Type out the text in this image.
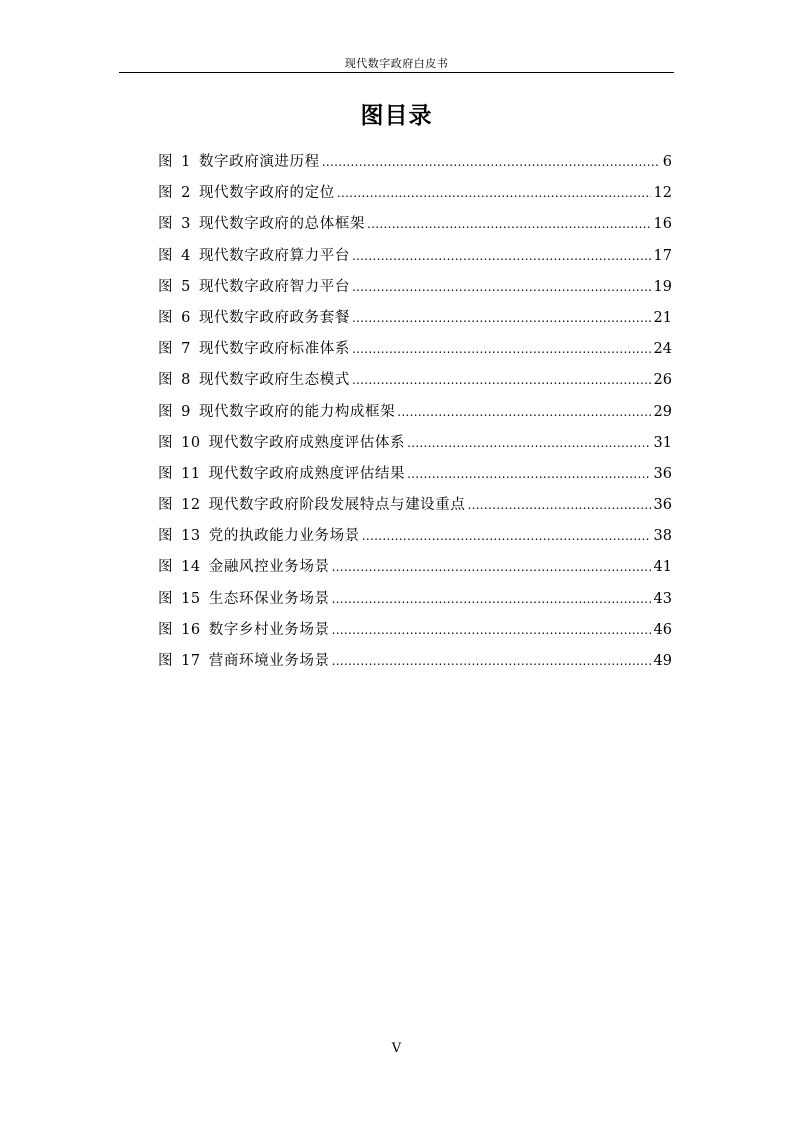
现代数字政府白皮书
图目录
图 1 数字政府演进历程 .....	6
图 2 现代数字政府的定位 .....	12
图 3 现代数字政府的总体框架 .....	16
图 4 现代数字政府算力平台 .....	17
图 5 现代数字政府智力平台 .....	19
图 6 现代数字政府政务套餐 .....	21
图 7 现代数字政府标准体系 .....	24
图 8 现代数字政府生态模式 .....	26
图 9 现代数字政府的能力构成框架 .....	29
图 10 现代数字政府成熟度评估体系 .....	31
图 11 现代数字政府成熟度评估结果 .....	36
图 12 现代数字政府阶段发展特点与建设重点 .....	36
图 13 党的执政能力业务场景 .....	38
图 14 金融风控业务场景 .....	41
图 15 生态环保业务场景 .....	43
图 16 数字乡村业务场景 .....	46
图 17 营商环境业务场景 .....	49
V
